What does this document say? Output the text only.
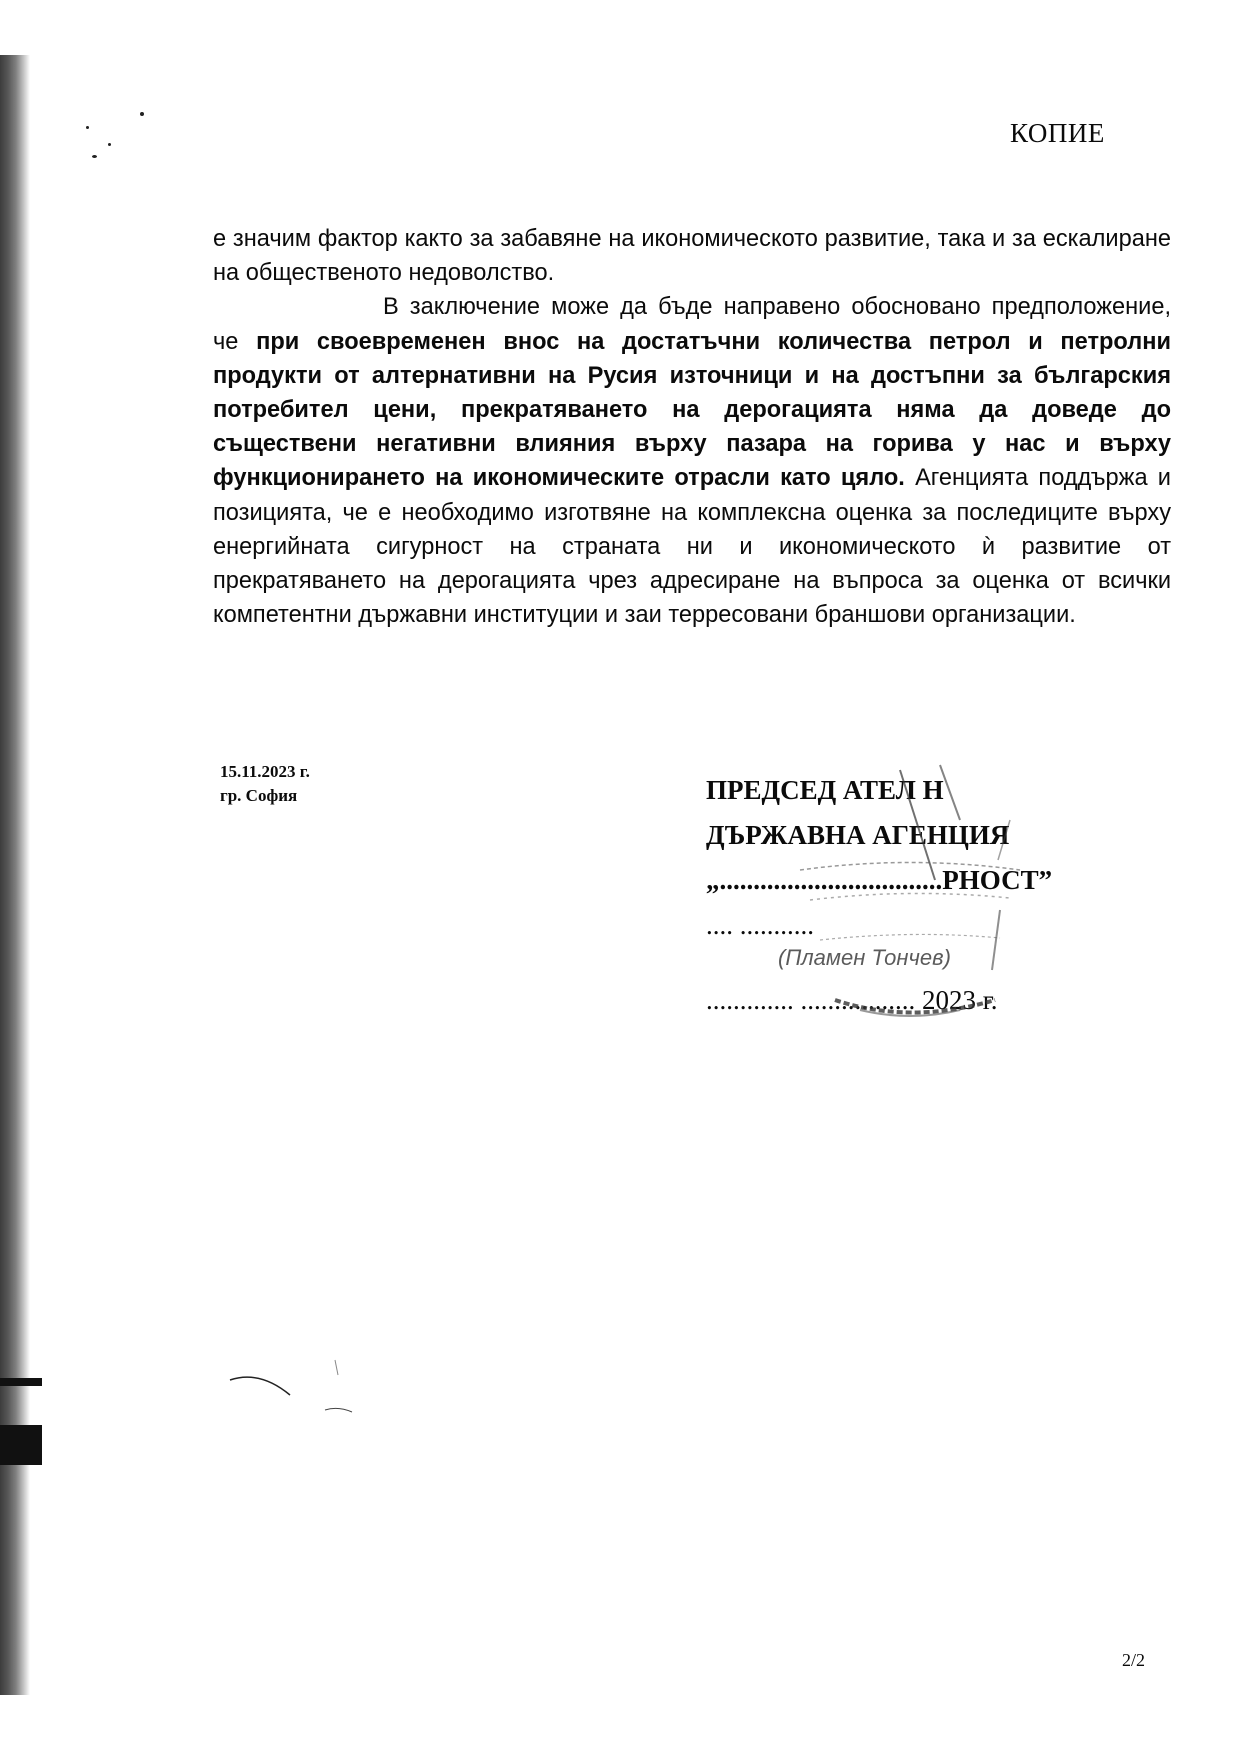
КОПИЕ

е значим фактор както за забавяне на икономическото развитие, така и за ескалиране на общественото недоволство.

В заключение може да бъде направено обосновано предположение, че при своевременен внос на достатъчни количества петрол и петролни продукти от алтернативни на Русия източници и на достъпни за българския потребител цени, прекратяването на дерогацията няма да доведе до съществени негативни влияния върху пазара на горива у нас и върху функционирането на икономическите отрасли като цяло. Агенцията поддържа и позицията, че е необходимо изготвяне на комплексна оценка за последиците върху енергийната сигурност на страната ни и икономическото ѝ развитие от прекратяването на дерогацията чрез адресиране на въпроса за оценка от всички компетентни държавни институции и заи терресовани браншови организации.

15.11.2023 г.
гр. София	ПРЕДСЕД АТЕЛ Н
ДЪРЖАВНА АГЕНЦИЯ
„.................................РНОСТ”
.... ...........
(Пламен Тончев)
............. ................. 2023 г.
2/2
